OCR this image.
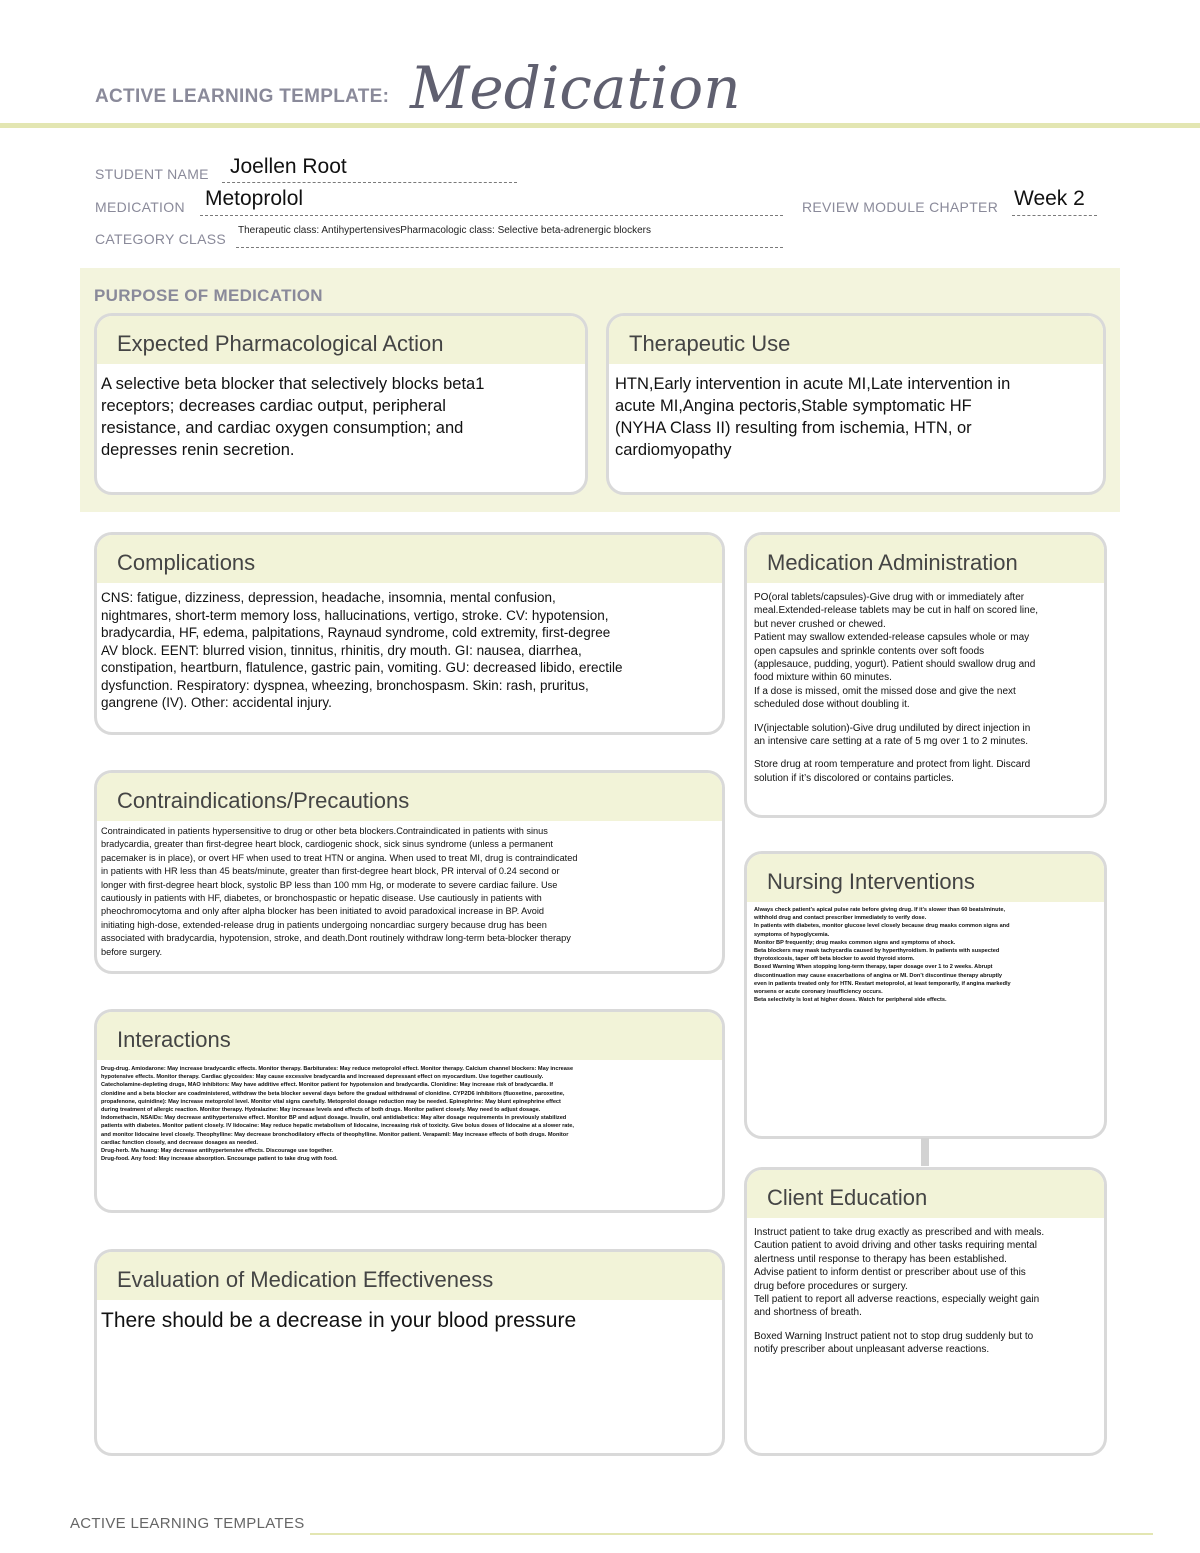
ACTIVE LEARNING TEMPLATE: Medication
STUDENT NAME Joellen Root
MEDICATION Metoprolol	REVIEW MODULE CHAPTER Week 2
CATEGORY CLASS
Therapeutic class: AntihypertensivesPharmacologic class: Selective beta-adrenergic blockers
PURPOSE OF MEDICATION
Expected Pharmacological Action

A selective beta blocker that selectively blocks beta1

receptors; decreases cardiac output, peripheral

resistance, and cardiac oxygen consumption; and

depresses renin secretion.

Therapeutic Use

HTN,Early intervention in acute MI,Late intervention in

acute MI,Angina pectoris,Stable symptomatic HF

(NYHA Class II) resulting from ischemia, HTN, or

cardiomyopathy

Complications

CNS: fatigue, dizziness, depression, headache, insomnia, mental confusion,

nightmares, short-term memory loss, hallucinations, vertigo, stroke. CV: hypotension,

bradycardia, HF, edema, palpitations, Raynaud syndrome, cold extremity, first-degree

AV block. EENT: blurred vision, tinnitus, rhinitis, dry mouth. GI: nausea, diarrhea,

constipation, heartburn, flatulence, gastric pain, vomiting. GU: decreased libido, erectile

dysfunction. Respiratory: dyspnea, wheezing, bronchospasm. Skin: rash, pruritus,

gangrene (IV). Other: accidental injury.

Medication Administration

PO(oral tablets/capsules)-Give drug with or immediately after

meal.Extended-release tablets may be cut in half on scored line,

but never crushed or chewed.

Patient may swallow extended-release capsules whole or may

open capsules and sprinkle contents over soft foods

(applesauce, pudding, yogurt). Patient should swallow drug and

food mixture within 60 minutes.

If a dose is missed, omit the missed dose and give the next

scheduled dose without doubling it.

IV(injectable solution)-Give drug undiluted by direct injection in

an intensive care setting at a rate of 5 mg over 1 to 2 minutes.

Store drug at room temperature and protect from light. Discard

solution if it’s discolored or contains particles.

Contraindications/Precautions

Contraindicated in patients hypersensitive to drug or other beta blockers.Contraindicated in patients with sinus

bradycardia, greater than first-degree heart block, cardiogenic shock, sick sinus syndrome (unless a permanent

pacemaker is in place), or overt HF when used to treat HTN or angina. When used to treat MI, drug is contraindicated

in patients with HR less than 45 beats/minute, greater than first-degree heart block, PR interval of 0.24 second or

longer with first-degree heart block, systolic BP less than 100 mm Hg, or moderate to severe cardiac failure. Use

cautiously in patients with HF, diabetes, or bronchospastic or hepatic disease. Use cautiously in patients with

pheochromocytoma and only after alpha blocker has been initiated to avoid paradoxical increase in BP. Avoid

initiating high-dose, extended-release drug in patients undergoing noncardiac surgery because drug has been

associated with bradycardia, hypotension, stroke, and death.Dont routinely withdraw long-term beta-blocker therapy

before surgery.

Nursing Interventions

Always check patient's apical pulse rate before giving drug. If it's slower than 60 beats/minute,

withhold drug and contact prescriber immediately to verify dose.

In patients with diabetes, monitor glucose level closely because drug masks common signs and

symptoms of hypoglycemia.

Monitor BP frequently; drug masks common signs and symptoms of shock.

Beta blockers may mask tachycardia caused by hyperthyroidism. In patients with suspected

thyrotoxicosis, taper off beta blocker to avoid thyroid storm.

Boxed Warning When stopping long-term therapy, taper dosage over 1 to 2 weeks. Abrupt

discontinuation may cause exacerbations of angina or MI. Don’t discontinue therapy abruptly

even in patients treated only for HTN. Restart metoprolol, at least temporarily, if angina markedly

worsens or acute coronary insufficiency occurs.

Beta selectivity is lost at higher doses. Watch for peripheral side effects.

Interactions

Drug-drug. Amiodarone: May increase bradycardic effects. Monitor therapy. Barbiturates: May reduce metoprolol effect. Monitor therapy. Calcium channel blockers: May increase

hypotensive effects. Monitor therapy. Cardiac glycosides: May cause excessive bradycardia and increased depressant effect on myocardium. Use together cautiously.

Catecholamine-depleting drugs, MAO inhibitors: May have additive effect. Monitor patient for hypotension and bradycardia. Clonidine: May increase risk of bradycardia. If

clonidine and a beta blocker are coadministered, withdraw the beta blocker several days before the gradual withdrawal of clonidine. CYP2D6 inhibitors (fluoxetine, paroxetine,

propafenone, quinidine): May increase metoprolol level. Monitor vital signs carefully. Metoprolol dosage reduction may be needed. Epinephrine: May blunt epinephrine effect

during treatment of allergic reaction. Monitor therapy. Hydralazine: May increase levels and effects of both drugs. Monitor patient closely. May need to adjust dosage.

Indomethacin, NSAIDs: May decrease antihypertensive effect. Monitor BP and adjust dosage. Insulin, oral antidiabetics: May alter dosage requirements in previously stabilized

patients with diabetes. Monitor patient closely. IV lidocaine: May reduce hepatic metabolism of lidocaine, increasing risk of toxicity. Give bolus doses of lidocaine at a slower rate,

and monitor lidocaine level closely. Theophylline: May decrease bronchodilatory effects of theophylline. Monitor patient. Verapamil: May increase effects of both drugs. Monitor

cardiac function closely, and decrease dosages as needed.

Drug-herb. Ma huang: May decrease antihypertensive effects. Discourage use together.

Drug-food. Any food: May increase absorption. Encourage patient to take drug with food.

Client Education

Instruct patient to take drug exactly as prescribed and with meals.

Caution patient to avoid driving and other tasks requiring mental

alertness until response to therapy has been established.

Advise patient to inform dentist or prescriber about use of this

drug before procedures or surgery.

Tell patient to report all adverse reactions, especially weight gain

and shortness of breath.

Boxed Warning Instruct patient not to stop drug suddenly but to

notify prescriber about unpleasant adverse reactions.

Evaluation of Medication Effectiveness

There should be a decrease in your blood pressure

ACTIVE LEARNING TEMPLATES
